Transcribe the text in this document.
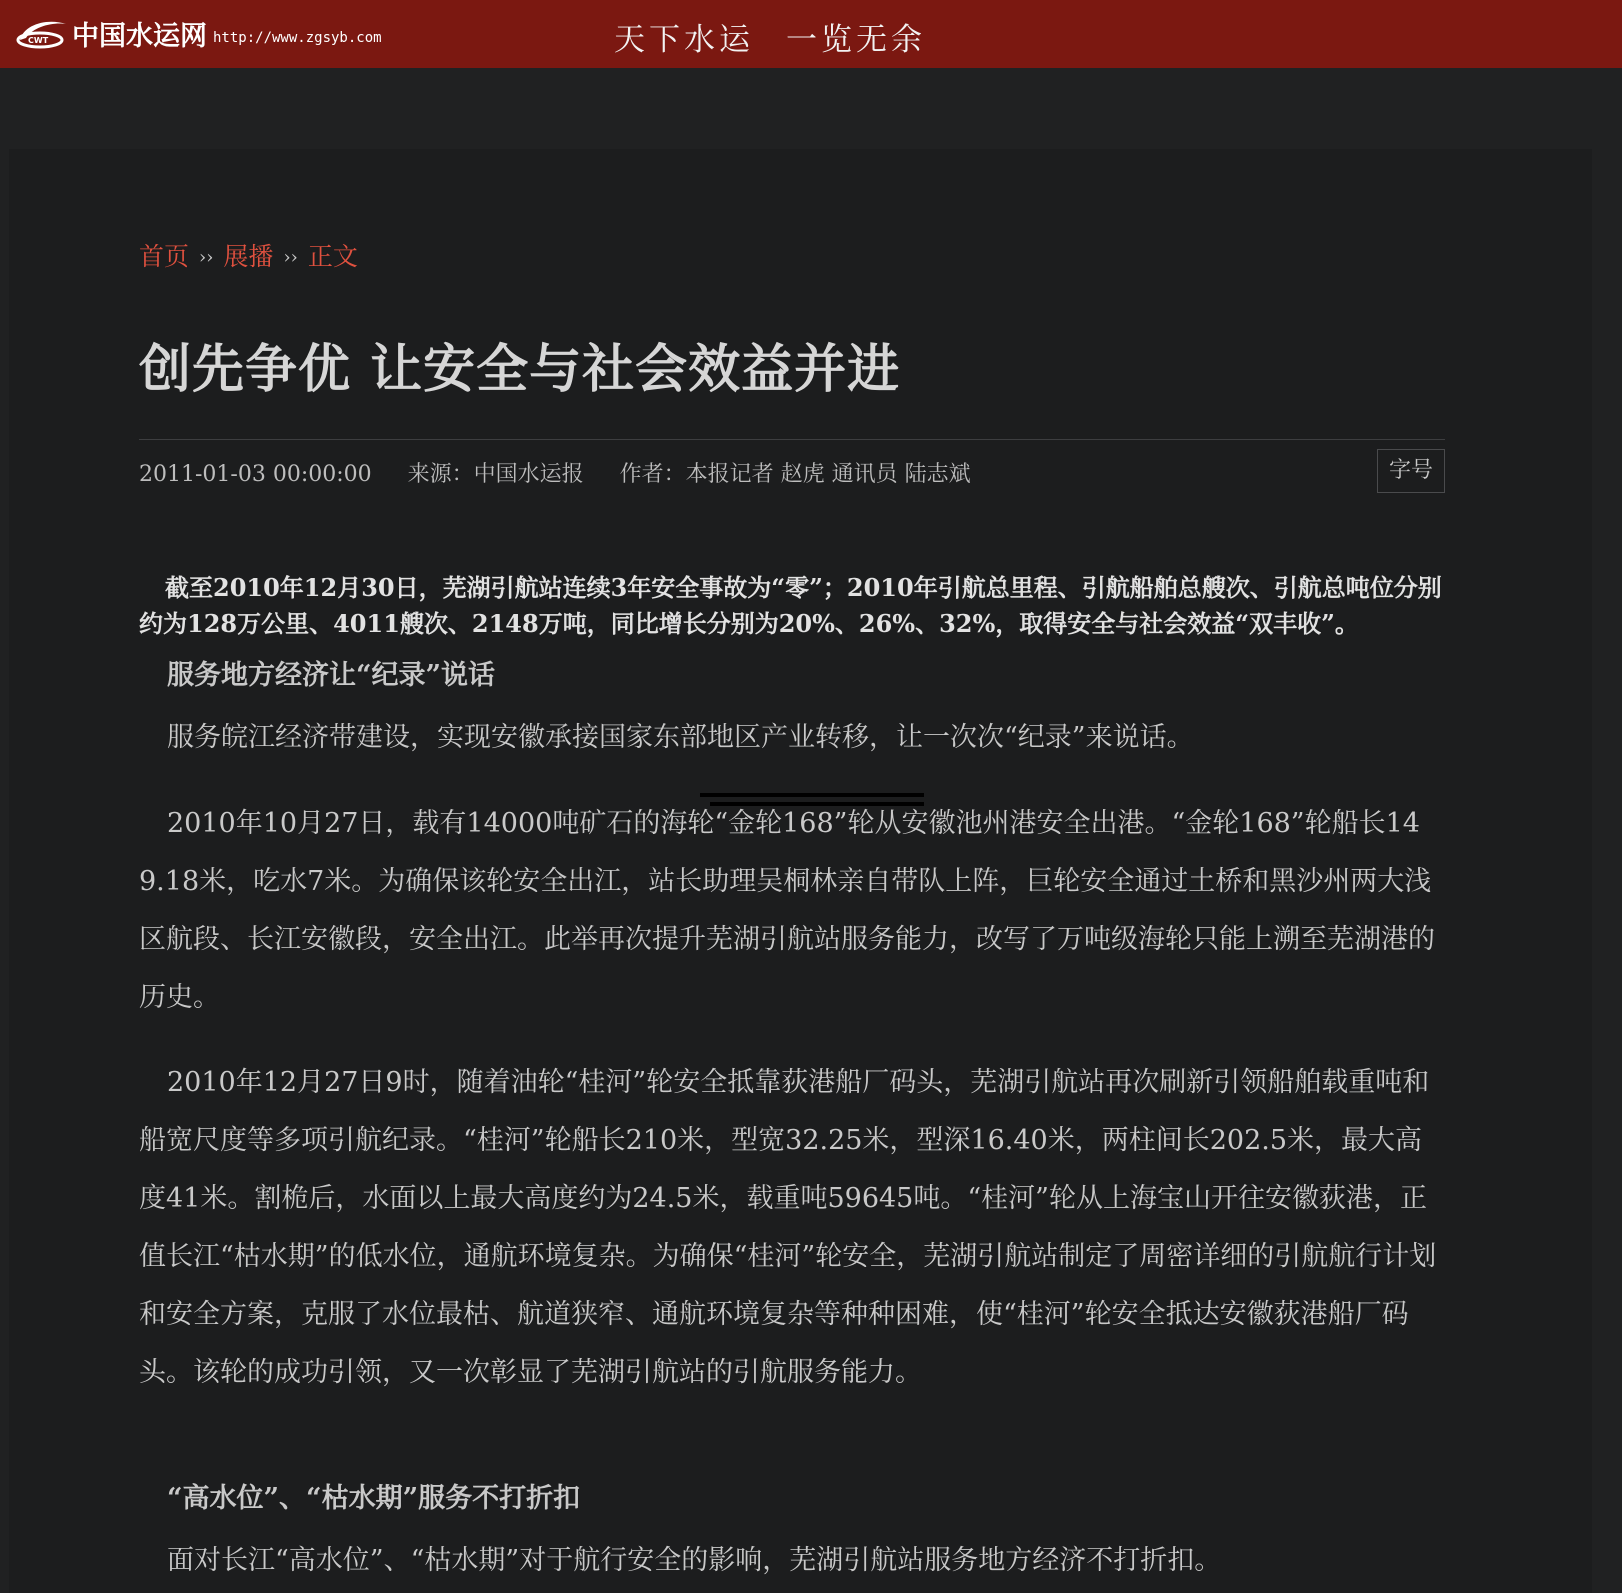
CWT 中国水运网 http://www.zgsyb.com	天下水运 一览无余
首页 ›› 展播 ›› 正文
创先争优 让安全与社会效益并进
2011-01-03 00:00:00 来源：中国水运报 作者：本报记者 赵虎 通讯员 陆志斌	字号

截至2010年12月30日，芜湖引航站连续3年安全事故为“零”；2010年引航总里程、引航船舶总艘次、引航总吨位分别约为128万公里、4011艘次、2148万吨，同比增长分别为20%、26%、32%，取得安全与社会效益“双丰收”。

服务地方经济让“纪录”说话

服务皖江经济带建设，实现安徽承接国家东部地区产业转移，让一次次“纪录”来说话。

2010年10月27日，载有14000吨矿石的海轮“金轮168”轮从安徽池州港安全出港。“金轮168”轮船长149.18米，吃水7米。为确保该轮安全出江，站长助理吴桐林亲自带队上阵，巨轮安全通过土桥和黑沙州两大浅区航段、长江安徽段，安全出江。此举再次提升芜湖引航站服务能力，改写了万吨级海轮只能上溯至芜湖港的历史。

2010年12月27日9时，随着油轮“桂河”轮安全抵靠荻港船厂码头，芜湖引航站再次刷新引领船舶载重吨和船宽尺度等多项引航纪录。“桂河”轮船长210米，型宽32.25米，型深16.40米，两柱间长202.5米，最大高度41米。割桅后，水面以上最大高度约为24.5米，载重吨59645吨。“桂河”轮从上海宝山开往安徽荻港，正值长江“枯水期”的低水位，通航环境复杂。为确保“桂河”轮安全，芜湖引航站制定了周密详细的引航航行计划和安全方案，克服了水位最枯、航道狭窄、通航环境复杂等种种困难，使“桂河”轮安全抵达安徽荻港船厂码头。该轮的成功引领，又一次彰显了芜湖引航站的引航服务能力。

“高水位”、“枯水期”服务不打折扣

面对长江“高水位”、“枯水期”对于航行安全的影响，芜湖引航站服务地方经济不打折扣。
